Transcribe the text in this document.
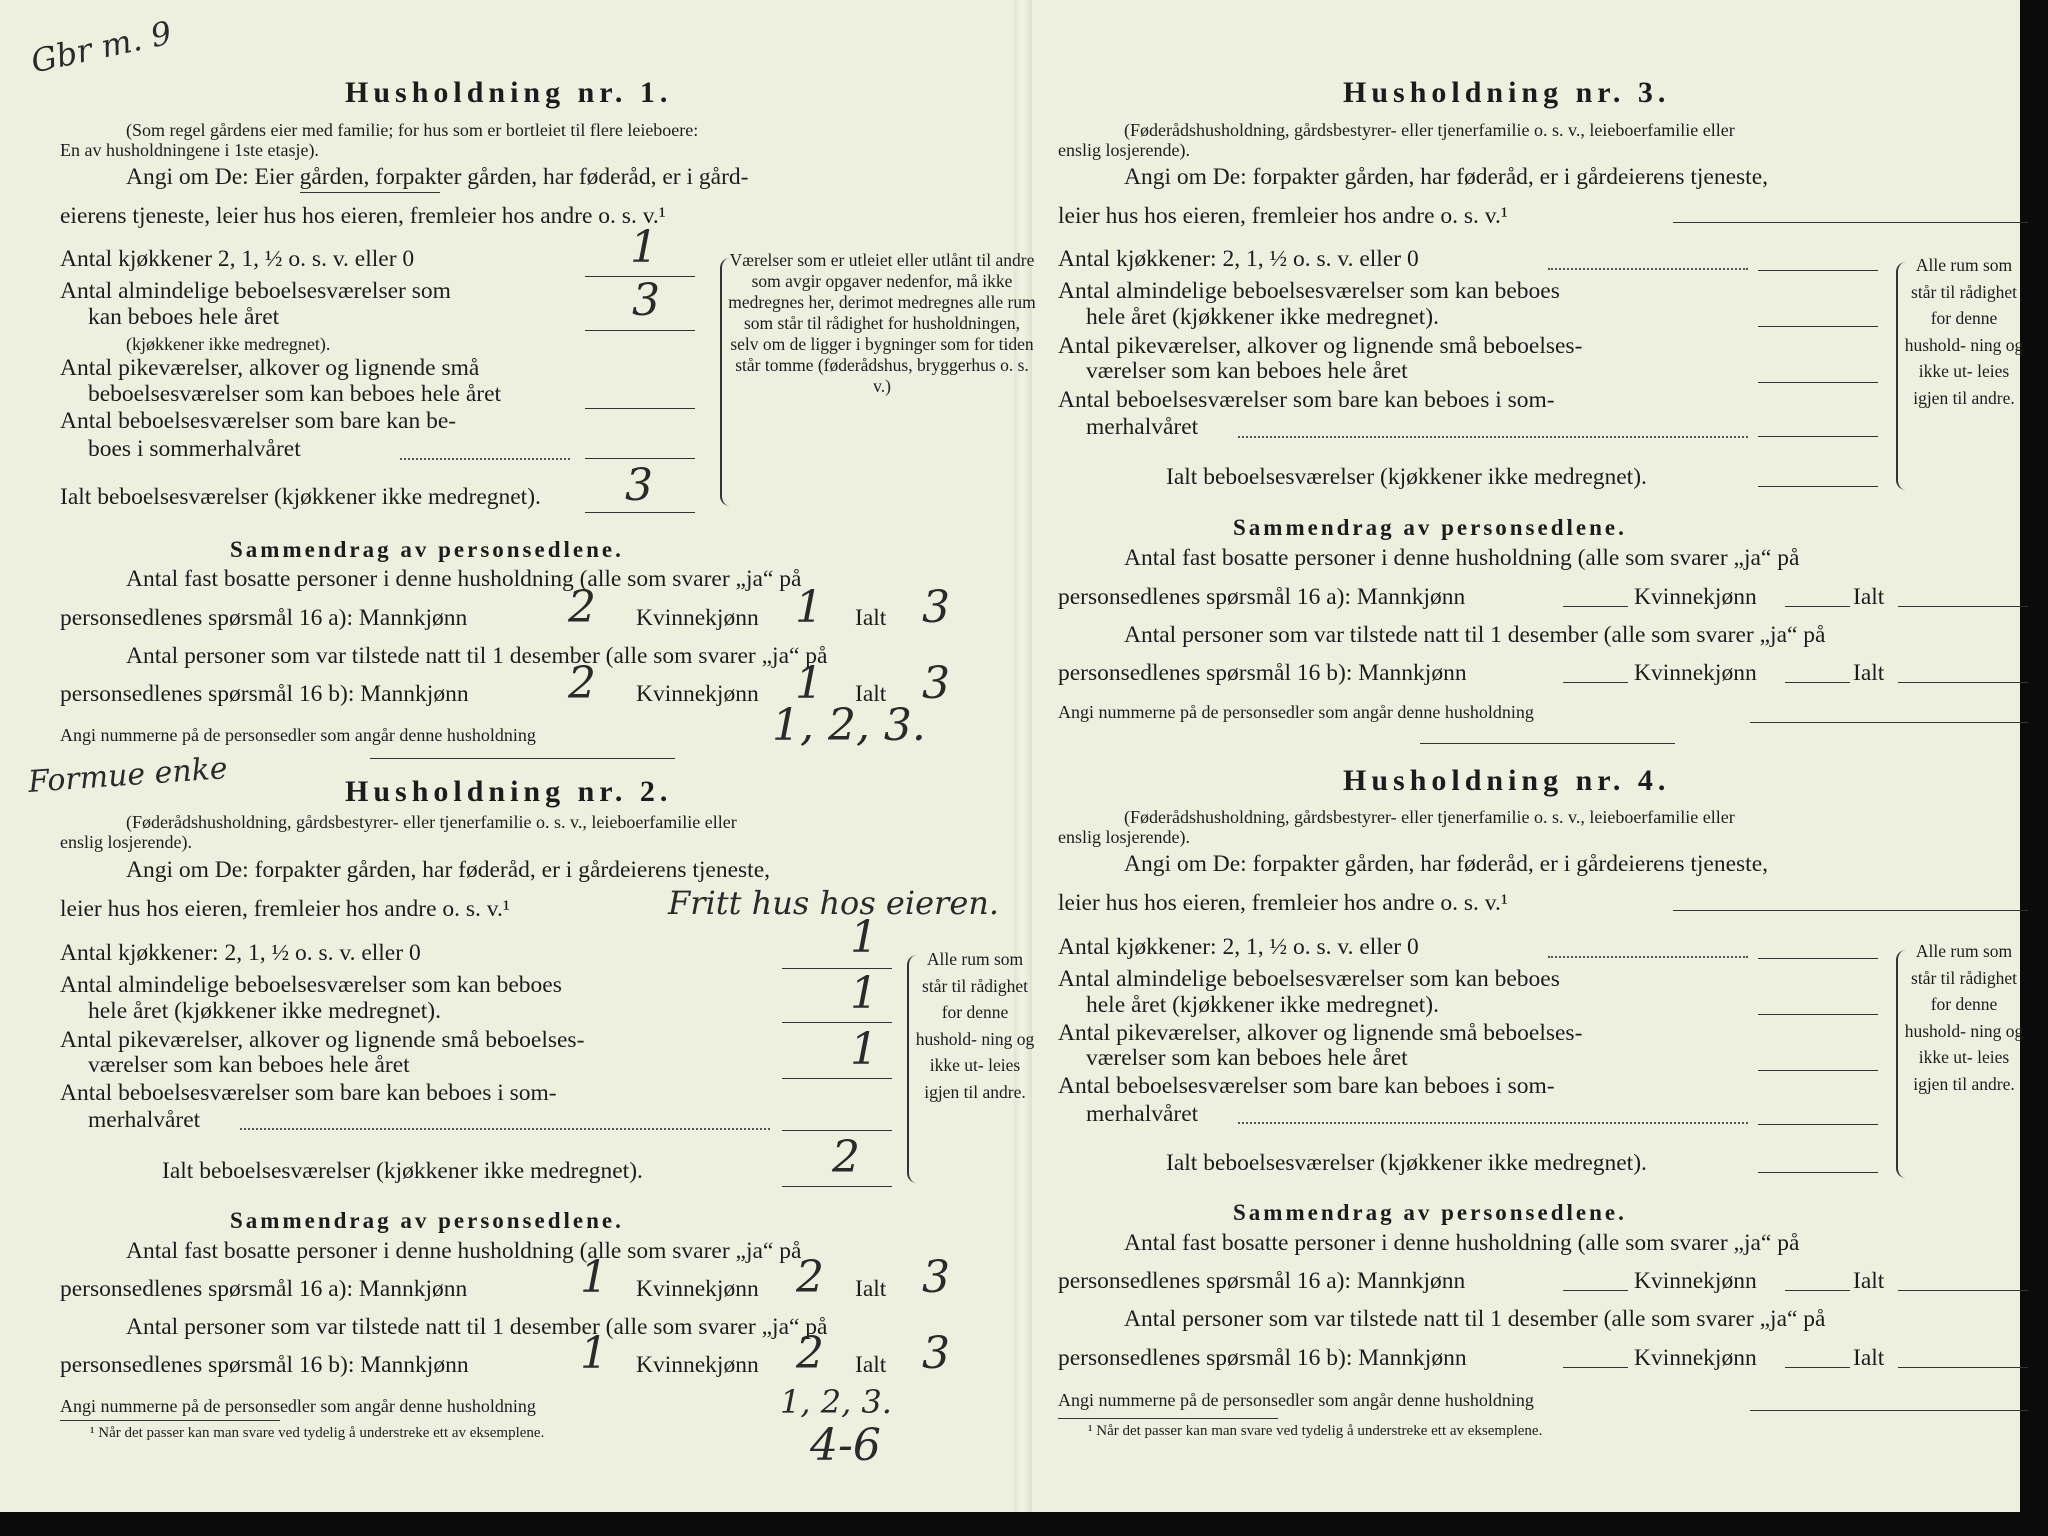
Gbr m. 9
Formue enke
4-6
Husholdning nr. 1.
(Som regel gårdens eier med familie; for hus som er bortleiet til flere leieboere:
En av husholdningene i 1ste etasje).
Angi om De: Eier gården, forpakter gården, har føderåd, er i gård-
eierens tjeneste, leier hus hos eieren, fremleier hos andre o. s. v.¹
Antal kjøkkener 2, 1, ½ o. s. v. eller 0	1
Antal almindelige beboelsesværelser som
kan beboes hele året
(kjøkkener ikke medregnet).
3
Antal pikeværelser, alkover og lignende små
beboelsesværelser som kan beboes hele året
Antal beboelsesværelser som bare kan be-
boes i sommerhalvåret
Ialt beboelsesværelser (kjøkkener ikke medregnet). 3
Værelser som er utleiet eller utlånt til andre som avgir opgaver nedenfor, må ikke medregnes her, derimot medregnes alle rum som står til rådighet for husholdningen, selv om de ligger i bygninger som for tiden står tomme (føderådshus, bryggerhus o. s. v.)
Sammendrag av personsedlene.
Antal fast bosatte personer i denne husholdning (alle som svarer „ja“ på
personsedlenes spørsmål 16 a): Mannkjønn 2 Kvinnekjønn 1 Ialt 3
Antal personer som var tilstede natt til 1 desember (alle som svarer „ja“ på
personsedlenes spørsmål 16 b): Mannkjønn 2 Kvinnekjønn 1 Ialt 3
Angi nummerne på de personsedler som angår denne husholdning	1, 2, 3.
Husholdning nr. 2.
(Føderådshusholdning, gårdsbestyrer- eller tjenerfamilie o. s. v., leieboerfamilie eller
enslig losjerende).
Angi om De: forpakter gården, har føderåd, er i gårdeierens tjeneste,
leier hus hos eieren, fremleier hos andre o. s. v.¹	Fritt hus hos eieren.
Antal kjøkkener: 2, 1, ½ o. s. v. eller 0	1
Antal almindelige beboelsesværelser som kan beboes
hele året (kjøkkener ikke medregnet).	1
Antal pikeværelser, alkover og lignende små beboelses-
værelser som kan beboes hele året	1
Antal beboelsesværelser som bare kan beboes i som-
merhalvåret
Ialt beboelsesværelser (kjøkkener ikke medregnet).	2
Alle rum som står til rådighet for denne hushold- ning og ikke ut- leies igjen til andre.
Sammendrag av personsedlene.
Antal fast bosatte personer i denne husholdning (alle som svarer „ja“ på
personsedlenes spørsmål 16 a): Mannkjønn	1 Kvinnekjønn 2 Ialt 3
Antal personer som var tilstede natt til 1 desember (alle som svarer „ja“ på
personsedlenes spørsmål 16 b): Mannkjønn	1 Kvinnekjønn 2 Ialt 3
Angi nummerne på de personsedler som angår denne husholdning	1, 2, 3.
¹ Når det passer kan man svare ved tydelig å understreke ett av eksemplene.
Husholdning nr. 3.
(Føderådshusholdning, gårdsbestyrer- eller tjenerfamilie o. s. v., leieboerfamilie eller
enslig losjerende).
Angi om De: forpakter gården, har føderåd, er i gårdeierens tjeneste,
leier hus hos eieren, fremleier hos andre o. s. v.¹
Antal kjøkkener: 2, 1, ½ o. s. v. eller 0
Antal almindelige beboelsesværelser som kan beboes
hele året (kjøkkener ikke medregnet).
Antal pikeværelser, alkover og lignende små beboelses-
værelser som kan beboes hele året
Antal beboelsesværelser som bare kan beboes i som-
merhalvåret
Ialt beboelsesværelser (kjøkkener ikke medregnet).
Alle rum som står til rådighet for denne hushold- ning og ikke ut- leies igjen til andre.
Sammendrag av personsedlene.
Antal fast bosatte personer i denne husholdning (alle som svarer „ja“ på
personsedlenes spørsmål 16 a): Mannkjønn	Kvinnekjønn	Ialt
Antal personer som var tilstede natt til 1 desember (alle som svarer „ja“ på
personsedlenes spørsmål 16 b): Mannkjønn	Kvinnekjønn	Ialt
Angi nummerne på de personsedler som angår denne husholdning
Husholdning nr. 4.
(Føderådshusholdning, gårdsbestyrer- eller tjenerfamilie o. s. v., leieboerfamilie eller
enslig losjerende).
Angi om De: forpakter gården, har føderåd, er i gårdeierens tjeneste,
leier hus hos eieren, fremleier hos andre o. s. v.¹
Antal kjøkkener: 2, 1, ½ o. s. v. eller 0
Antal almindelige beboelsesværelser som kan beboes
hele året (kjøkkener ikke medregnet).
Antal pikeværelser, alkover og lignende små beboelses-
værelser som kan beboes hele året
Antal beboelsesværelser som bare kan beboes i som-
merhalvåret
Ialt beboelsesværelser (kjøkkener ikke medregnet).
Alle rum som står til rådighet for denne hushold- ning og ikke ut- leies igjen til andre.
Sammendrag av personsedlene.
Antal fast bosatte personer i denne husholdning (alle som svarer „ja“ på
personsedlenes spørsmål 16 a): Mannkjønn	Kvinnekjønn	Ialt
Antal personer som var tilstede natt til 1 desember (alle som svarer „ja“ på
personsedlenes spørsmål 16 b): Mannkjønn	Kvinnekjønn	Ialt
Angi nummerne på de personsedler som angår denne husholdning
¹ Når det passer kan man svare ved tydelig å understreke ett av eksemplene.
